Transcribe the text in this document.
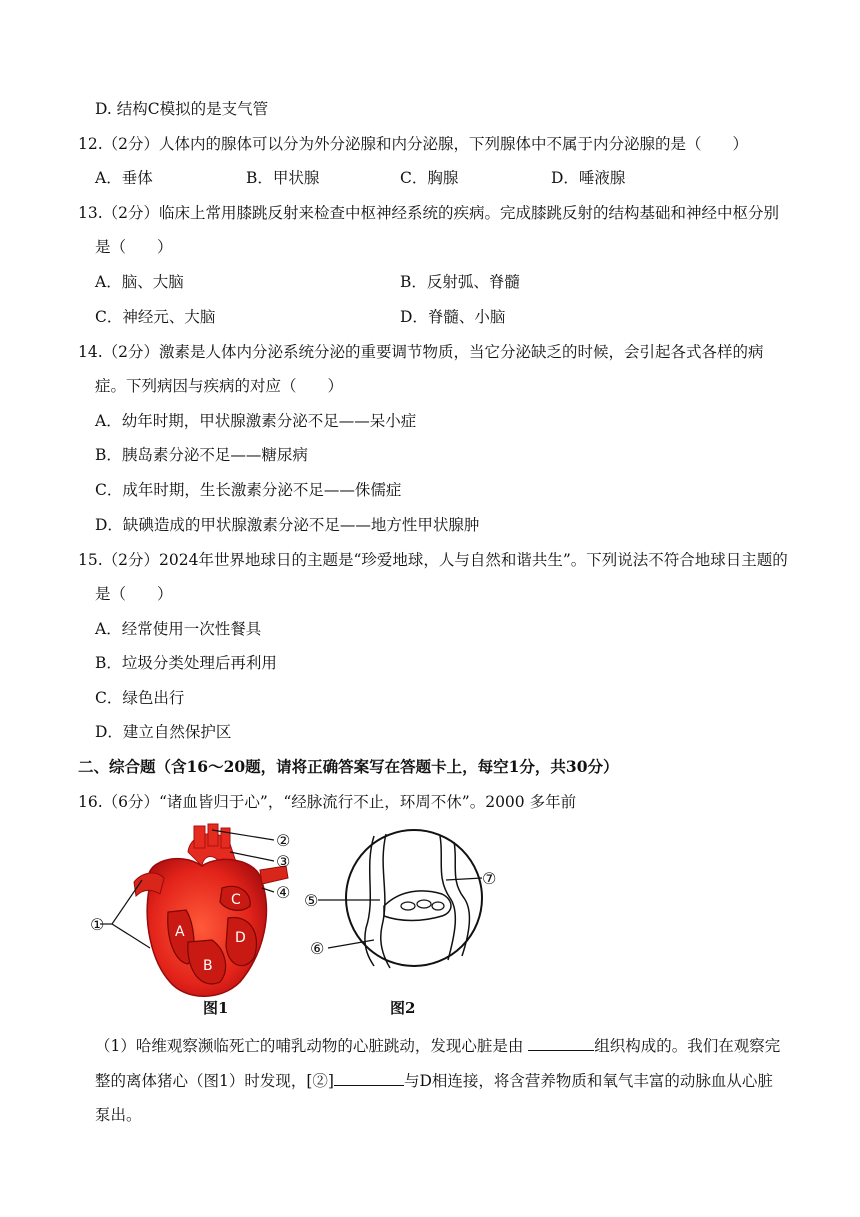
D. 结构C模拟的是支气管
12.（2分）人体内的腺体可以分为外分泌腺和内分泌腺，下列腺体中不属于内分泌腺的是（　　）
A．垂体	B．甲状腺	C．胸腺	D．唾液腺
13.（2分）临床上常用膝跳反射来检查中枢神经系统的疾病。完成膝跳反射的结构基础和神经中枢分别
是（　　）
A．脑、大脑	B．反射弧、脊髓
C．神经元、大脑	D．脊髓、小脑
14.（2分）激素是人体内分泌系统分泌的重要调节物质，当它分泌缺乏的时候，会引起各式各样的病
症。下列病因与疾病的对应（　　）
A．幼年时期，甲状腺激素分泌不足——呆小症
B．胰岛素分泌不足——糖尿病
C．成年时期，生长激素分泌不足——侏儒症
D．缺碘造成的甲状腺激素分泌不足——地方性甲状腺肿
15.（2分）2024年世界地球日的主题是“珍爱地球，人与自然和谐共生”。下列说法不符合地球日主题的
是（　　）
A．经常使用一次性餐具
B．垃圾分类处理后再利用
C．绿色出行
D．建立自然保护区
二、综合题（含16～20题，请将正确答案写在答题卡上，每空1分，共30分）
16.（6分）“诸血皆归于心”，“经脉流行不止，环周不休”。2000 多年前
A
B
C
D
②
③
④
①
图1
⑤
⑥
⑦
图2
（1）哈维观察濒临死亡的哺乳动物的心脏跳动，发现心脏是由	组织构成的。我们在观察完
整的离体猪心（图1）时发现，[②]	与D相连接，将含营养物质和氧气丰富的动脉血从心脏
泵出。
